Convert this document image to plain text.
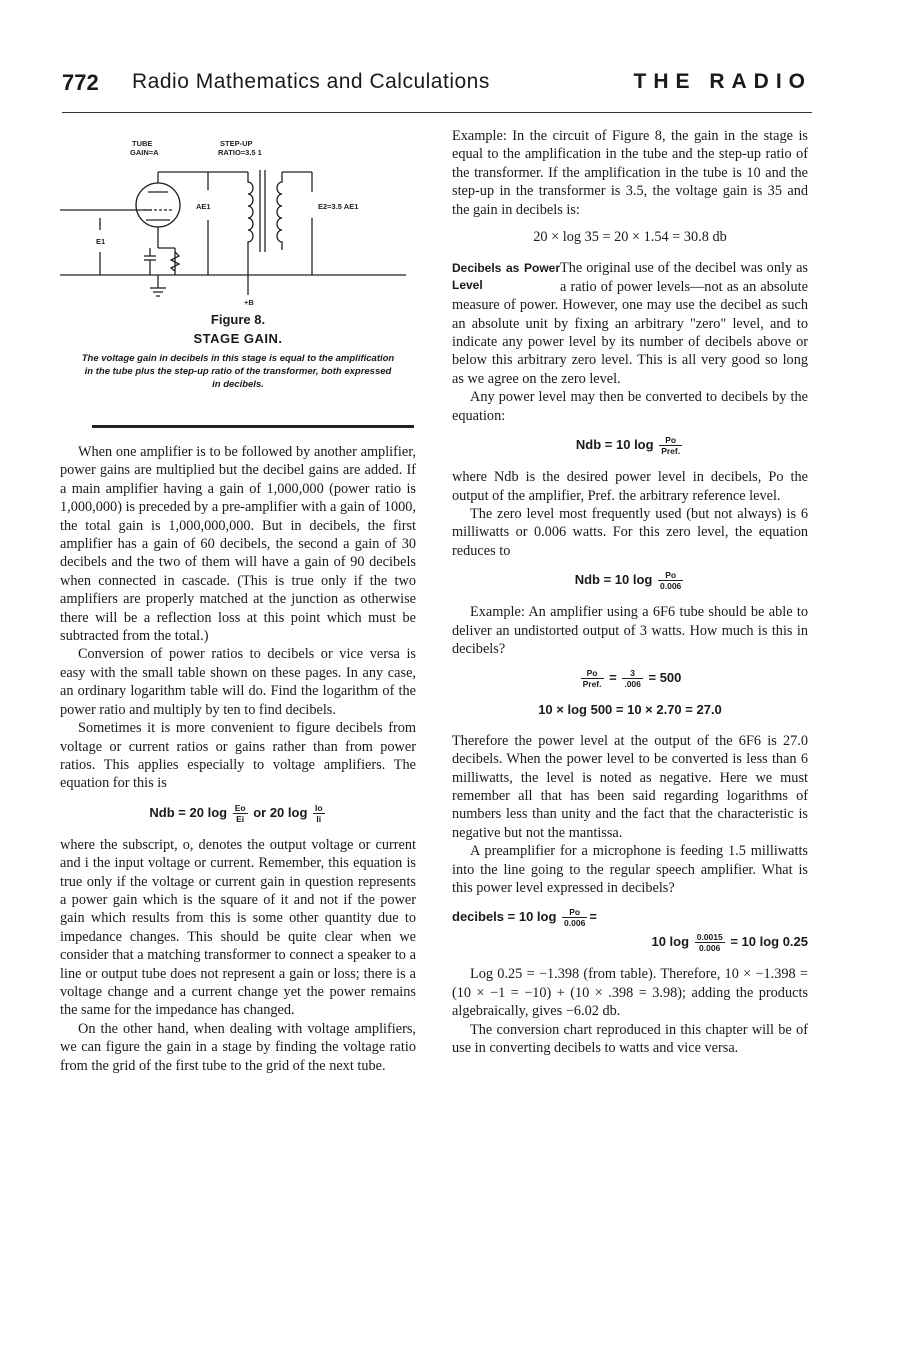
772 Radio Mathematics and Calculations	THE RADIO
TUBE
GAIN=A
STEP-UP
RATIO=3.5 1
AE1	E2=3.5 AE1
E1
+B
Figure 8.
STAGE GAIN.
The voltage gain in decibels in this stage is equal to the amplification in the tube plus the step-up ratio of the transformer, both expressed in decibels.

When one amplifier is to be followed by another amplifier, power gains are multiplied but the decibel gains are added. If a main amplifier having a gain of 1,000,000 (power ratio is 1,000,000) is preceded by a pre-amplifier with a gain of 1000, the total gain is 1,000,000,000. But in decibels, the first amplifier has a gain of 60 decibels, the second a gain of 30 decibels and the two of them will have a gain of 90 decibels when connected in cascade. (This is true only if the two amplifiers are properly matched at the junction as otherwise there will be a reflection loss at this point which must be subtracted from the total.)

Conversion of power ratios to decibels or vice versa is easy with the small table shown on these pages. In any case, an ordinary logarithm table will do. Find the logarithm of the power ratio and multiply by ten to find decibels.

Sometimes it is more convenient to figure decibels from voltage or current ratios or gains rather than from power ratios. This applies especially to voltage amplifiers. The equation for this is

Ndb = 20 $\log \frac{Eo}{Ei}$ or 20 $\log \frac{Io}{Ii}$

where the subscript, o, denotes the output voltage or current and i the input voltage or current. Remember, this equation is true only if the voltage or current gain in question represents a power gain which is the square of it and not if the power gain which results from this is some other quantity due to impedance changes. This should be quite clear when we consider that a matching transformer to connect a speaker to a line or output tube does not represent a gain or loss; there is a voltage change and a current change yet the power remains the same for the impedance has changed.

On the other hand, when dealing with voltage amplifiers, we can figure the gain in a stage by finding the voltage ratio from the grid of the first tube to the grid of the next tube.

Example: In the circuit of Figure 8, the gain in the stage is equal to the amplification in the tube and the step-up ratio of the transformer. If the amplification in the tube is 10 and the step-up in the transformer is 3.5, the voltage gain is 35 and the gain in decibels is:

20 × log 35 = 20 × 1.54 = 30.8 db
Decibels as Power Level

The original use of the decibel was only as a ratio of power levels—not as an absolute measure of power. However, one may use the decibel as such an absolute unit by fixing an arbitrary "zero" level, and to indicate any power level by its number of decibels above or below this arbitrary zero level. This is all very good so long as we agree on the zero level.

Any power level may then be converted to decibels by the equation:

Ndb = 10 $\log \frac{Po}{\text{Pref.}}$

where Ndb is the desired power level in decibels, Po the output of the amplifier, Pref. the arbitrary reference level.

The zero level most frequently used (but not always) is 6 milliwatts or 0.006 watts. For this zero level, the equation reduces to

Ndb = 10 $\log \frac{Po}{0.006}$

Example: An amplifier using a 6F6 tube should be able to deliver an undistorted output of 3 watts. How much is this in decibels?

$\frac{Po}{\text{Pref.}} = \frac{3}{.006} = 500$
10 × log 500 = 10 × 2.70 = 27.0

Therefore the power level at the output of the 6F6 is 27.0 decibels. When the power level to be converted is less than 6 milliwatts, the level is noted as negative. Here we must remember all that has been said regarding logarithms of numbers less than unity and the fact that the characteristic is negative but not the mantissa.

A preamplifier for a microphone is feeding 1.5 milliwatts into the line going to the regular speech amplifier. What is this power level expressed in decibels?

decibels = 10 $\log \frac{Po}{0.006}$ =
10 $\log \frac{0.0015}{0.006} = 10$ log 0.25

Log 0.25 = −1.398 (from table). Therefore, 10 × −1.398 = (10 × −1 = −10) + (10 × .398 = 3.98); adding the products algebraically, gives −6.02 db.

The conversion chart reproduced in this chapter will be of use in converting decibels to watts and vice versa.
